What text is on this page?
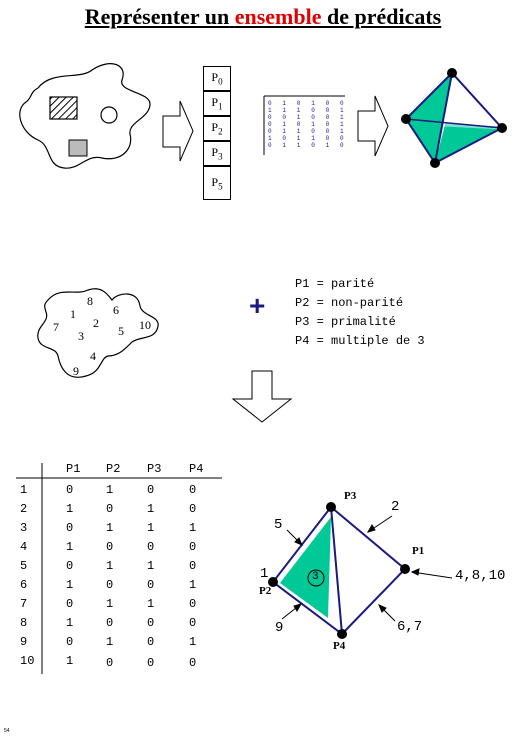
Représenter un ensemble de prédicats
$P_0$
$P_1$
$P_2$
$P_3$
$P_5$
0 1 0 1 0 0
1 1 1 0 0 1
0 0 1 0 0 1
0 1 0 1 0 1
0 1 1 0 0 1
1 0 1 1 0 0
0 1 1 0 1 0
8
6
1
7	2
5 10
3
4
9
+
P1 = parité
P2 = non-parité
P3 = primalité
P4 = multiple de 3
P1 P2 P3 P4
1	0	1	0	0
2	1	0	1	0
3	0	1	1	1
4	1	0	0	0
5	0	1	1	0
6	1	0	0	1
7	0	1	1	0
8	1	0	0	0
9	0	1	0	1
10	1	0	0	0
P3
P1
P2
P4
5
2
1	3	4,8,10
9	6,7
54
